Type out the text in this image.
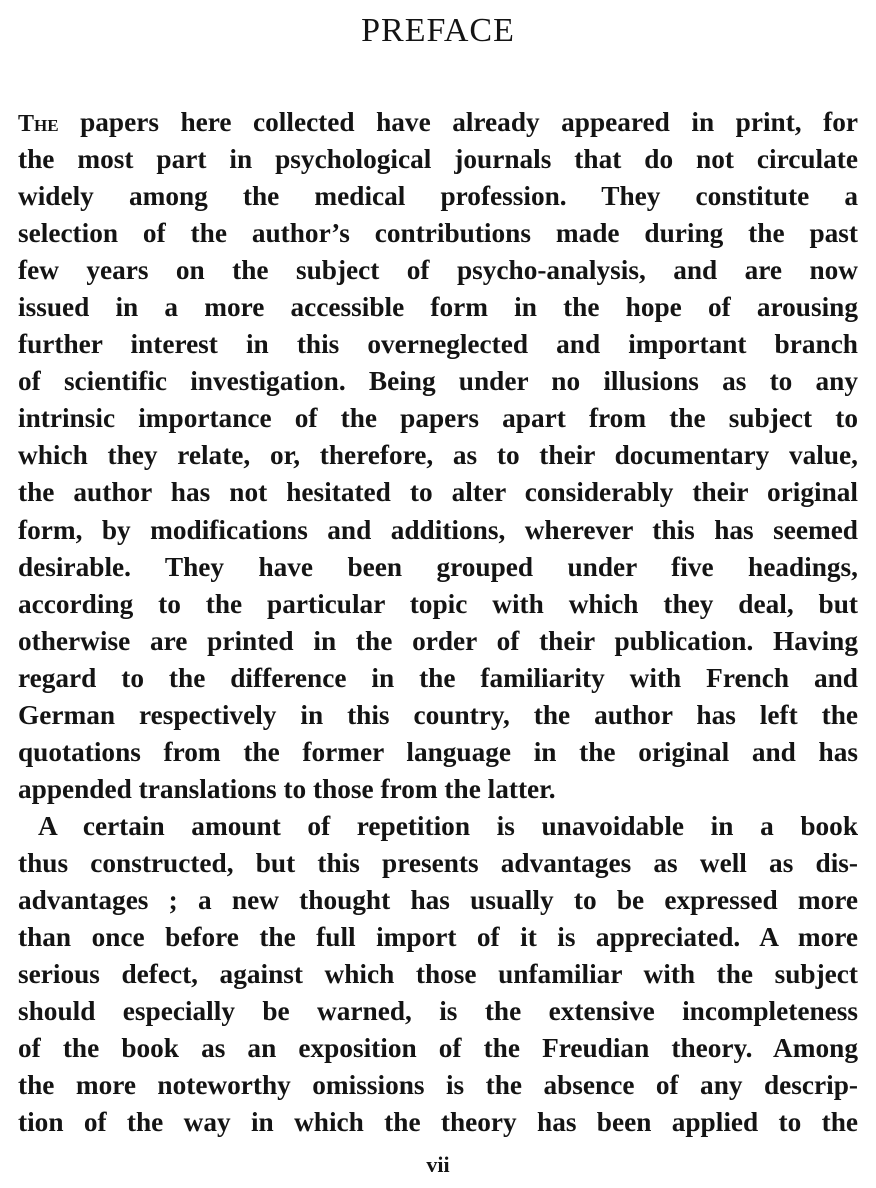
PREFACE
The papers here collected have already appeared in print, for
the most part in psychological journals that do not circulate
widely among the medical profession. They constitute a
selection of the author’s contributions made during the past
few years on the subject of psycho-analysis, and are now
issued in a more accessible form in the hope of arousing
further interest in this overneglected and important branch
of scientific investigation. Being under no illusions as to any
intrinsic importance of the papers apart from the subject to
which they relate, or, therefore, as to their documentary value,
the author has not hesitated to alter considerably their original
form, by modifications and additions, wherever this has seemed
desirable. They have been grouped under five headings,
according to the particular topic with which they deal, but
otherwise are printed in the order of their publication. Having
regard to the difference in the familiarity with French and
German respectively in this country, the author has left the
quotations from the former language in the original and has
appended translations to those from the latter.
A certain amount of repetition is unavoidable in a book
thus constructed, but this presents advantages as well as dis-
advantages ; a new thought has usually to be expressed more
than once before the full import of it is appreciated. A more
serious defect, against which those unfamiliar with the subject
should especially be warned, is the extensive incompleteness
of the book as an exposition of the Freudian theory. Among
the more noteworthy omissions is the absence of any descrip-
tion of the way in which the theory has been applied to the
vii
